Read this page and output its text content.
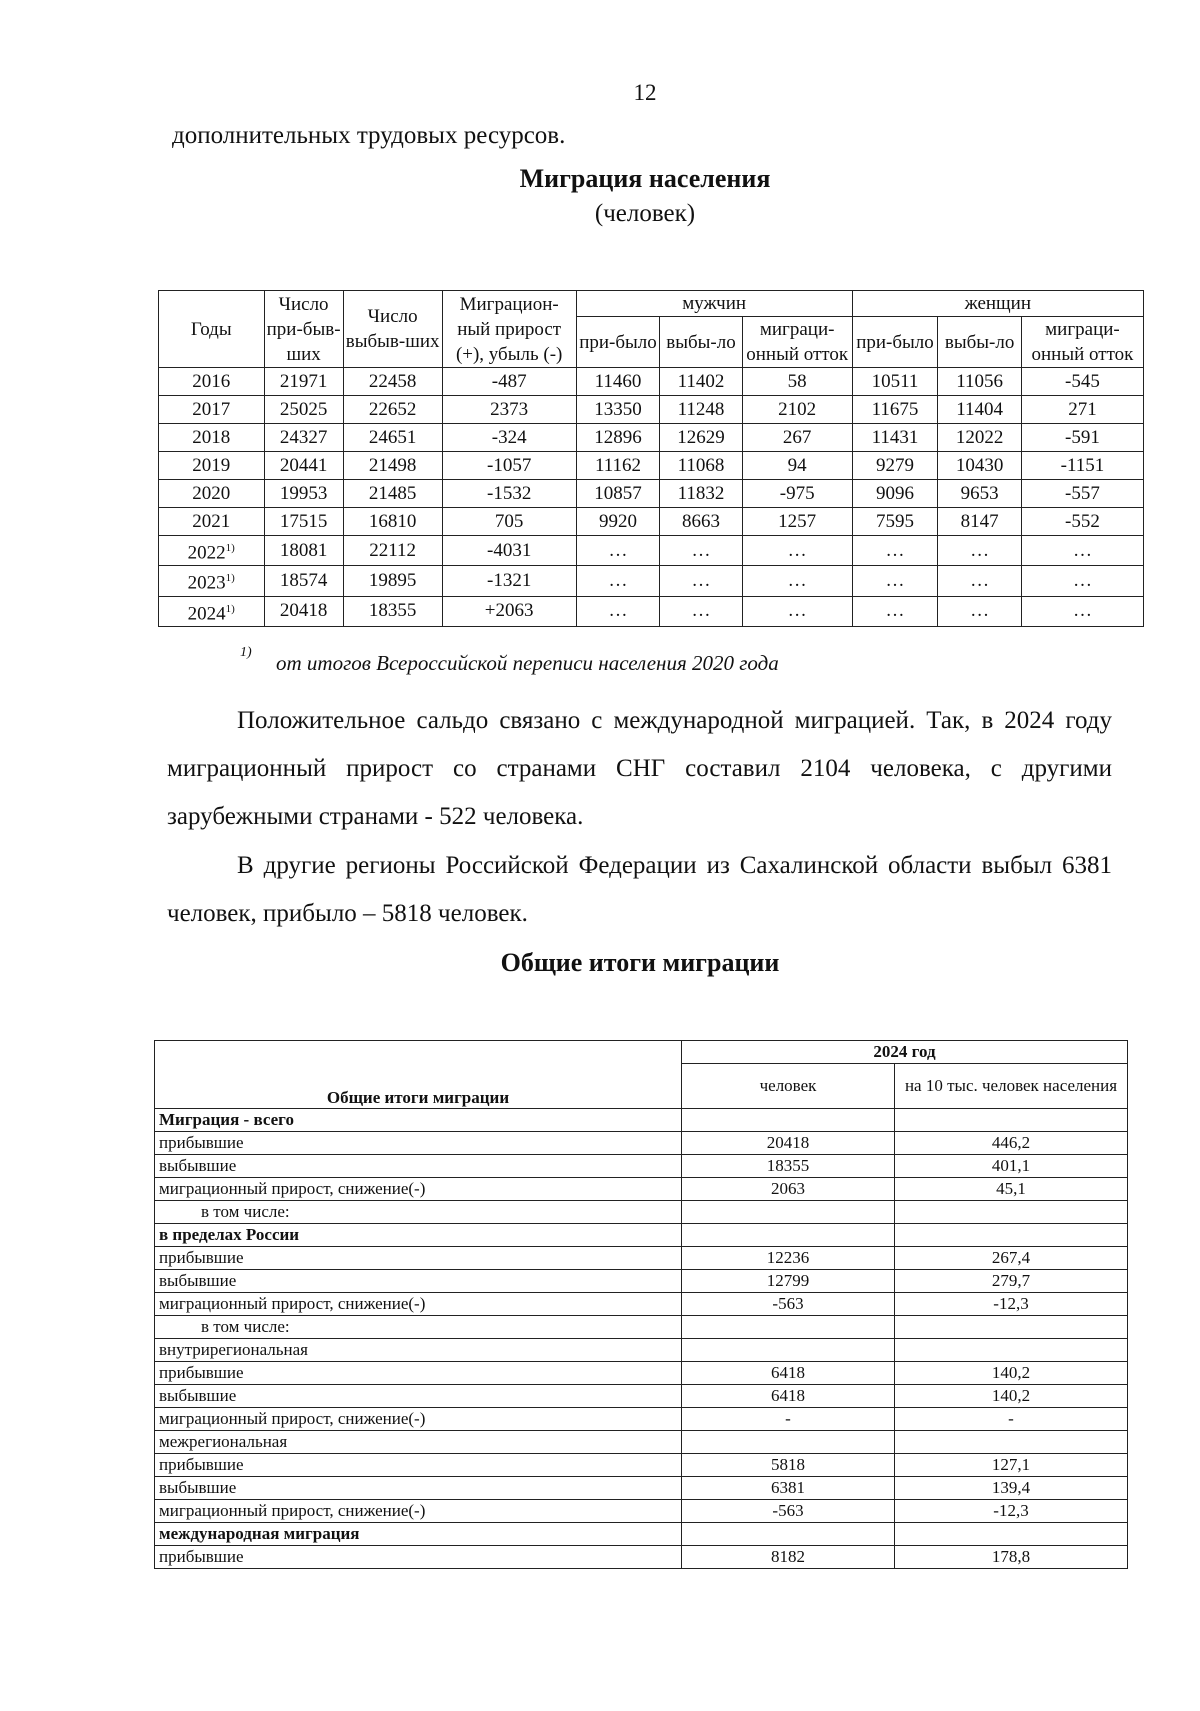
12
дополнительных трудовых ресурсов.
Миграция населения
(человек)
Годы	Число при-быв-ших	Число выбыв-ших	Миграцион-ный прирост (+), убыль (-)	мужчин			женщин		
				при-было	выбы-ло	миграци-онный отток	при-было	выбы-ло	миграци-онный отток
2016	21971	22458	-487	11460	11402	58	10511	11056	-545
2017	25025	22652	2373	13350	11248	2102	11675	11404	271
2018	24327	24651	-324	12896	12629	267	11431	12022	-591
2019	20441	21498	-1057	11162	11068	94	9279	10430	-1151
2020	19953	21485	-1532	10857	11832	-975	9096	9653	-557
2021	17515	16810	705	9920	8663	1257	7595	8147	-552
2022$^{1)}$	18081	22112	-4031	…	…	…	…	…	…
2023$^{1)}$	18574	19895	-1321	…	…	…	…	…	…
2024$^{1)}$	20418	18355	+2063	…	…	…	…	…	…
1) от итогов Всероссийской переписи населения 2020 года
Положительное сальдо связано с международной миграцией. Так, в 2024 году миграционный прирост со странами СНГ составил 2104 человека, с другими зарубежными странами - 522 человека.
В другие регионы Российской Федерации из Сахалинской области выбыл 6381 человек, прибыло – 5818 человек.
Общие итоги миграции
Общие итоги миграции	2024 год	
	человек	на 10 тыс. человек населения
Миграция - всего		
прибывшие	20418	446,2
выбывшие	18355	401,1
миграционный прирост, снижение(-)	2063	45,1
в том числе:		
в пределах России		
прибывшие	12236	267,4
выбывшие	12799	279,7
миграционный прирост, снижение(-)	-563	-12,3
в том числе:		
внутрирегиональная		
прибывшие	6418	140,2
выбывшие	6418	140,2
миграционный прирост, снижение(-)	-	-
межрегиональная		
прибывшие	5818	127,1
выбывшие	6381	139,4
миграционный прирост, снижение(-)	-563	-12,3
международная миграция		
прибывшие	8182	178,8
